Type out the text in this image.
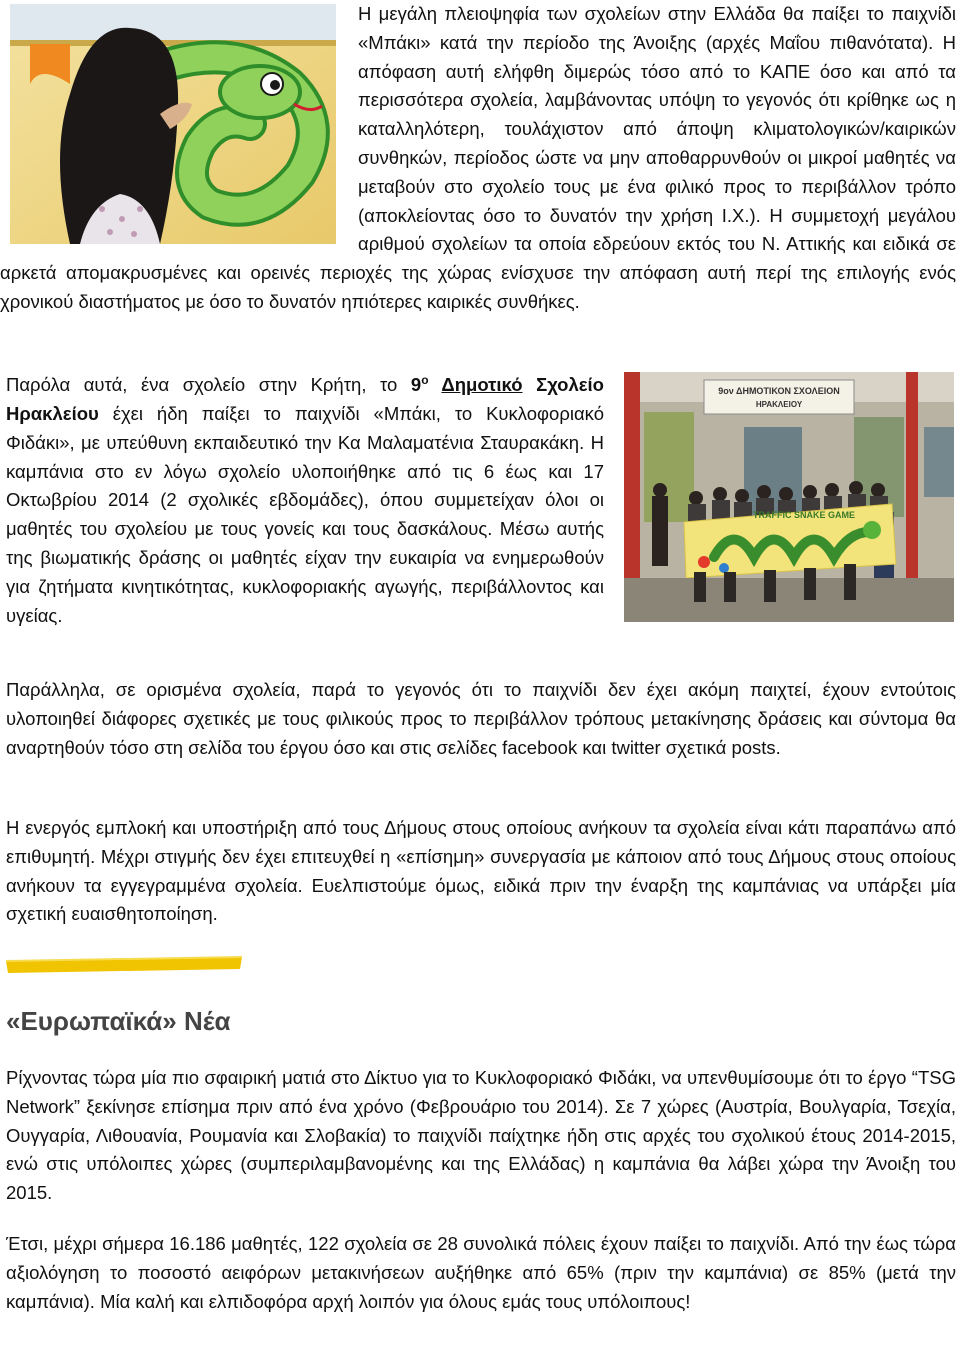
Η μεγάλη πλειοψηφία των σχολείων στην Ελλάδα θα παίξει το παιχνίδι «Μπάκι» κατά την περίοδο της Άνοιξης (αρχές Μαΐου πιθανότατα). Η απόφαση αυτή ελήφθη διμερώς τόσο από το ΚΑΠΕ όσο και από τα περισσότερα σχολεία, λαμβάνοντας υπόψη το γεγονός ότι κρίθηκε ως η καταλληλότερη, τουλάχιστον από άποψη κλιματολογικών/καιρικών συνθηκών, περίοδος ώστε να μην αποθαρρυνθούν οι μικροί μαθητές να μεταβούν στο σχολείο τους με ένα φιλικό προς το περιβάλλον τρόπο (αποκλείοντας όσο το δυνατόν την χρήση Ι.Χ.). Η συμμετοχή μεγάλου αριθμού σχολείων τα οποία εδρεύουν εκτός του Ν. Αττικής και ειδικά σε αρκετά απομακρυσμένες και ορεινές περιοχές της χώρας ενίσχυσε την απόφαση αυτή περί της επιλογής ενός χρονικού διαστήματος με όσο το δυνατόν ηπιότερες καιρικές συνθήκες.
9ον ΔΗΜΟΤΙΚΟΝ ΣΧΟΛΕΙΟΝ
ΗΡΑΚΛΕΙΟΥ
TRAFFIC SNAKE GAME
Παρόλα αυτά, ένα σχολείο στην Κρήτη, το $9^o$ Δημοτικό Σχολείο Ηρακλείου έχει ήδη παίξει το παιχνίδι «Μπάκι, το Κυκλοφοριακό Φιδάκι», με υπεύθυνη εκπαιδευτικό την Κα Μαλαματένια Σταυρακάκη. Η καμπάνια στο εν λόγω σχολείο υλοποιήθηκε από τις 6 έως και 17 Οκτωβρίου 2014 (2 σχολικές εβδομάδες), όπου συμμετείχαν όλοι οι μαθητές του σχολείου με τους γονείς και τους δασκάλους. Μέσω αυτής της βιωματικής δράσης οι μαθητές είχαν την ευκαιρία να ενημερωθούν για ζητήματα κινητικότητας, κυκλοφοριακής αγωγής, περιβάλλοντος και υγείας.
Παράλληλα, σε ορισμένα σχολεία, παρά το γεγονός ότι το παιχνίδι δεν έχει ακόμη παιχτεί, έχουν εντούτοις υλοποιηθεί διάφορες σχετικές με τους φιλικούς προς το περιβάλλον τρόπους μετακίνησης δράσεις και σύντομα θα αναρτηθούν τόσο στη σελίδα του έργου όσο και στις σελίδες facebook και twitter σχετικά posts.
Η ενεργός εμπλοκή και υποστήριξη από τους Δήμους στους οποίους ανήκουν τα σχολεία είναι κάτι παραπάνω από επιθυμητή. Μέχρι στιγμής δεν έχει επιτευχθεί η «επίσημη» συνεργασία με κάποιον από τους Δήμους στους οποίους ανήκουν τα εγγεγραμμένα σχολεία. Ευελπιστούμε όμως, ειδικά πριν την έναρξη της καμπάνιας να υπάρξει μία σχετική ευαισθητοποίηση.
«Ευρωπαϊκά» Νέα
Ρίχνοντας τώρα μία πιο σφαιρική ματιά στο Δίκτυο για το Κυκλοφοριακό Φιδάκι, να υπενθυμίσουμε ότι το έργο “TSG Network” ξεκίνησε επίσημα πριν από ένα χρόνο (Φεβρουάριο του 2014). Σε 7 χώρες (Αυστρία, Βουλγαρία, Τσεχία, Ουγγαρία, Λιθουανία, Ρουμανία και Σλοβακία) το παιχνίδι παίχτηκε ήδη στις αρχές του σχολικού έτους 2014-2015, ενώ στις υπόλοιπες χώρες (συμπεριλαμβανομένης και της Ελλάδας) η καμπάνια θα λάβει χώρα την Άνοιξη του 2015.
Έτσι, μέχρι σήμερα 16.186 μαθητές, 122 σχολεία σε 28 συνολικά πόλεις έχουν παίξει το παιχνίδι. Από την έως τώρα αξιολόγηση το ποσοστό αειφόρων μετακινήσεων αυξήθηκε από 65% (πριν την καμπάνια) σε 85% (μετά την καμπάνια). Μία καλή και ελπιδοφόρα αρχή λοιπόν για όλους εμάς τους υπόλοιπους!
